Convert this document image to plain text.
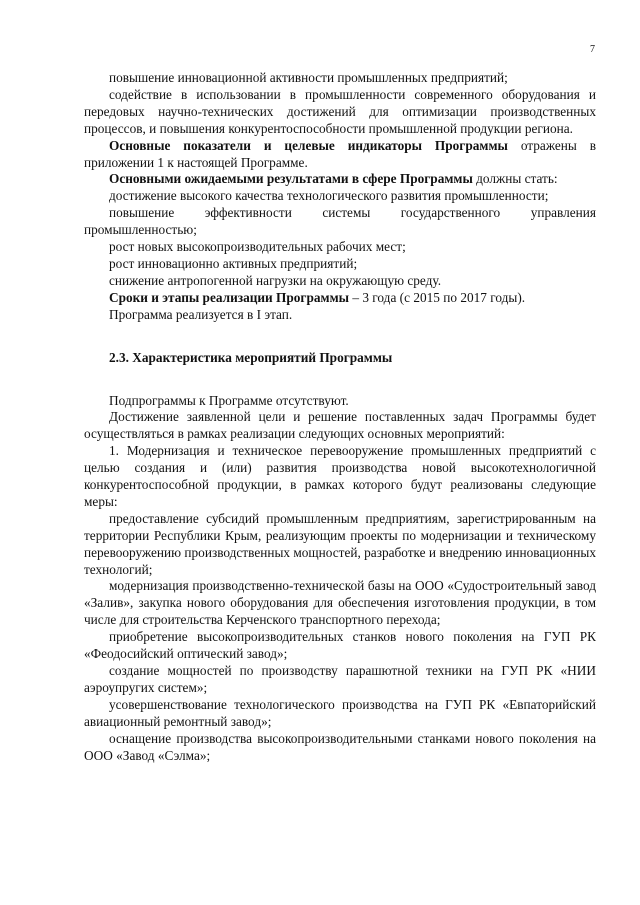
7

повышение инновационной активности промышленных предприятий;

содействие в использовании в промышленности современного оборудования и передовых научно-технических достижений для оптимизации производственных процессов, и повышения конкурентоспособности промышленной продукции региона.

Основные показатели и целевые индикаторы Программы отражены в приложении 1 к настоящей Программе.

Основными ожидаемыми результатами в сфере Программы должны стать:

достижение высокого качества технологического развития промышленности;

повышение эффективности системы государственного управления промышленностью;

рост новых высокопроизводительных рабочих мест;

рост инновационно активных предприятий;

снижение антропогенной нагрузки на окружающую среду.

Сроки и этапы реализации Программы – 3 года (с 2015 по 2017 годы).

Программа реализуется в I этап.

2.3. Характеристика мероприятий Программы

Подпрограммы к Программе отсутствуют.

Достижение заявленной цели и решение поставленных задач Программы будет осуществляться в рамках реализации следующих основных мероприятий:

1. Модернизация и техническое перевооружение промышленных предприятий с целью создания и (или) развития производства новой высокотехнологичной конкурентоспособной продукции, в рамках которого будут реализованы следующие меры:

предоставление субсидий промышленным предприятиям, зарегистрированным на территории Республики Крым, реализующим проекты по модернизации и техническому перевооружению производственных мощностей, разработке и внедрению инновационных технологий;

модернизация производственно-технической базы на ООО «Судостроительный завод «Залив», закупка нового оборудования для обеспечения изготовления продукции, в том числе для строительства Керченского транспортного перехода;

приобретение высокопроизводительных станков нового поколения на ГУП РК «Феодосийский оптический завод»;

создание мощностей по производству парашютной техники на ГУП РК «НИИ аэроупругих систем»;

усовершенствование технологического производства на ГУП РК «Евпаторийский авиационный ремонтный завод»;

оснащение производства высокопроизводительными станками нового поколения на ООО «Завод «Сэлма»;
